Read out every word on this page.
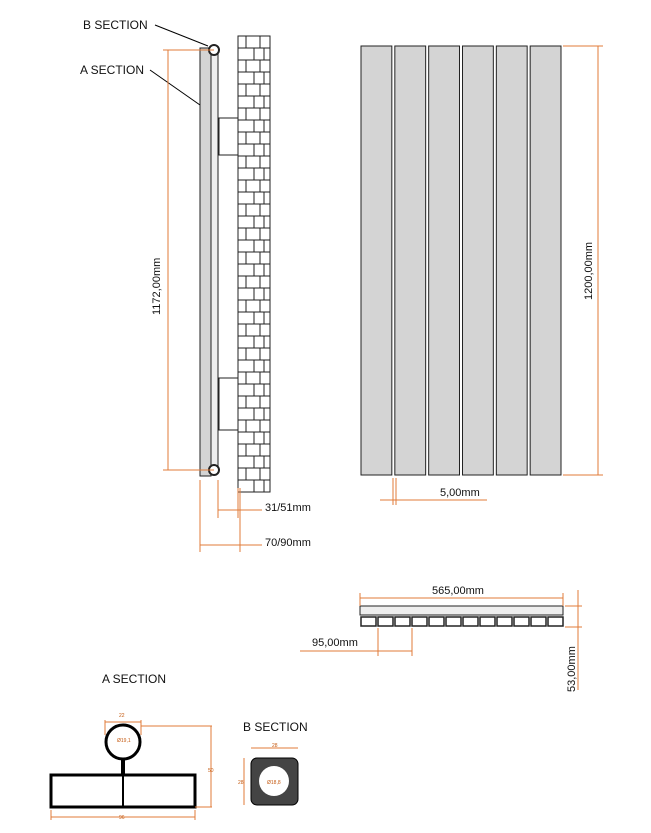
B SECTION
A SECTION
1172,00mm	1200,00mm
31/51mm
70/90mm
5,00mm
565,00mm
95,00mm
53,00mm
A SECTION
B SECTION
22
Ø19,1
50
96
28
28	Ø18,8
